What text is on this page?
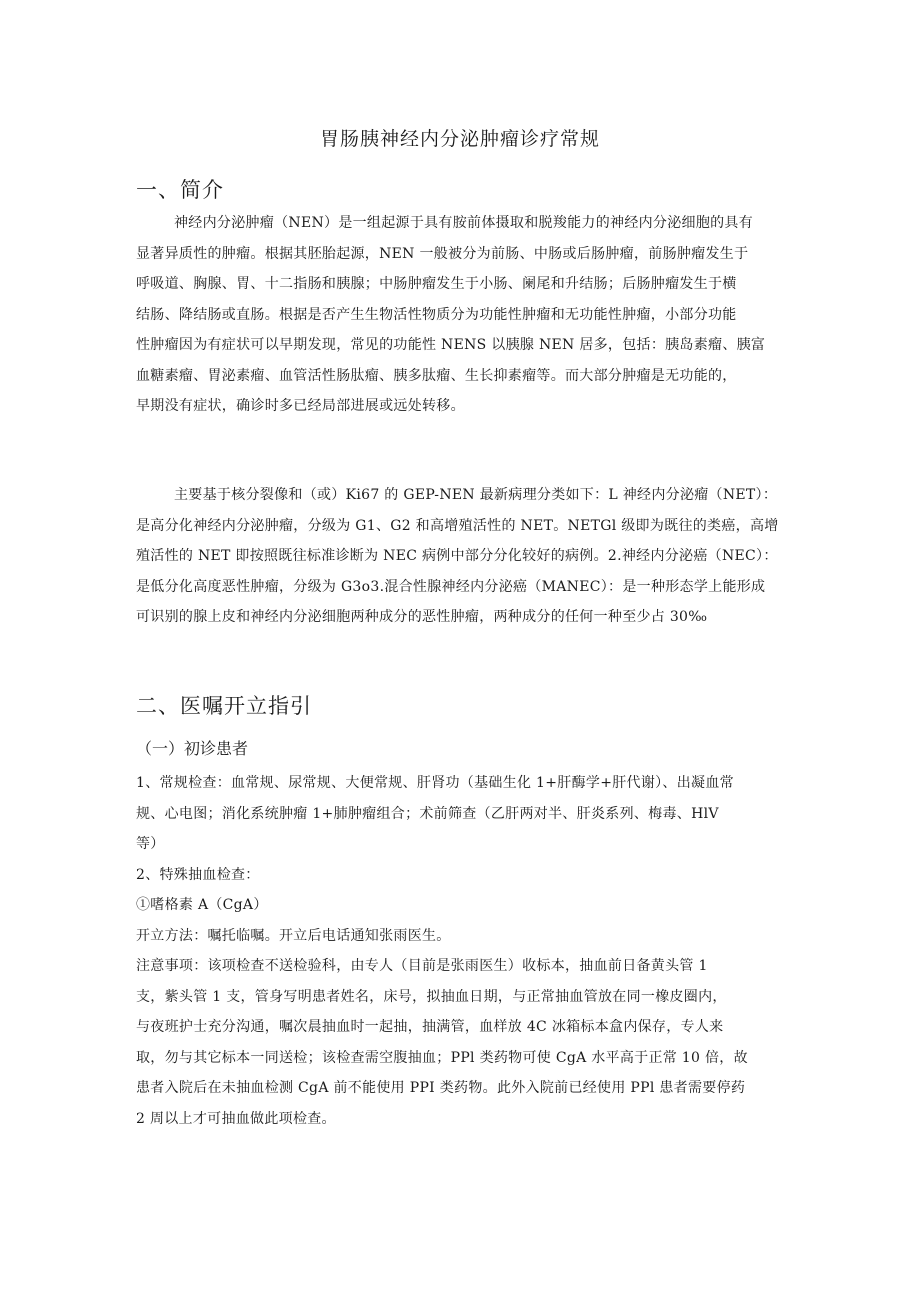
胃肠胰神经内分泌肿瘤诊疗常规
一、简介
神经内分泌肿瘤（NEN）是一组起源于具有胺前体摄取和脱羧能力的神经内分泌细胞的具有
显著异质性的肿瘤。根据其胚胎起源，NEN 一般被分为前肠、中肠或后肠肿瘤，前肠肿瘤发生于
呼吸道、胸腺、胃、十二指肠和胰腺；中肠肿瘤发生于小肠、阑尾和升结肠；后肠肿瘤发生于横
结肠、降结肠或直肠。根据是否产生生物活性物质分为功能性肿瘤和无功能性肿瘤，小部分功能
性肿瘤因为有症状可以早期发现，常见的功能性 NENS 以胰腺 NEN 居多，包括：胰岛素瘤、胰富
血糖素瘤、胃泌素瘤、血管活性肠肽瘤、胰多肽瘤、生长抑素瘤等。而大部分肿瘤是无功能的，
早期没有症状，确诊时多已经局部进展或远处转移。
主要基于核分裂像和（或）Ki67 的 GEP-NEN 最新病理分类如下：L 神经内分泌瘤（NET）：
是高分化神经内分泌肿瘤，分级为 G1、G2 和高增殖活性的 NET。NETGl 级即为既往的类癌，高增
殖活性的 NET 即按照既往标准诊断为 NEC 病例中部分分化较好的病例。2.神经内分泌癌（NEC）：
是低分化高度恶性肿瘤，分级为 G3o3.混合性腺神经内分泌癌（MANEC）：是一种形态学上能形成
可识别的腺上皮和神经内分泌细胞两种成分的恶性肿瘤，两种成分的任何一种至少占 30‰
二、医嘱开立指引
（一）初诊患者
1、常规检查：血常规、尿常规、大便常规、肝肾功（基础生化 1+肝酶学+肝代谢）、出凝血常
规、心电图；消化系统肿瘤 1+肺肿瘤组合；术前筛查（乙肝两对半、肝炎系列、梅毒、HlV
等）
2、特殊抽血检查：
①嗜格素 A（CgA）
开立方法：嘱托临嘱。开立后电话通知张雨医生。
注意事项：该项检查不送检验科，由专人（目前是张雨医生）收标本，抽血前日备黄头管 1
支，紫头管 1 支，管身写明患者姓名，床号，拟抽血日期，与正常抽血管放在同一橡皮圈内，
与夜班护士充分沟通，嘱次晨抽血时一起抽，抽满管，血样放 4C 冰箱标本盒内保存，专人来
取，勿与其它标本一同送检；该检查需空腹抽血；PPl 类药物可使 CgA 水平高于正常 10 倍，故
患者入院后在未抽血检测 CgA 前不能使用 PPI 类药物。此外入院前已经使用 PPl 患者需要停药
2 周以上才可抽血做此项检查。
